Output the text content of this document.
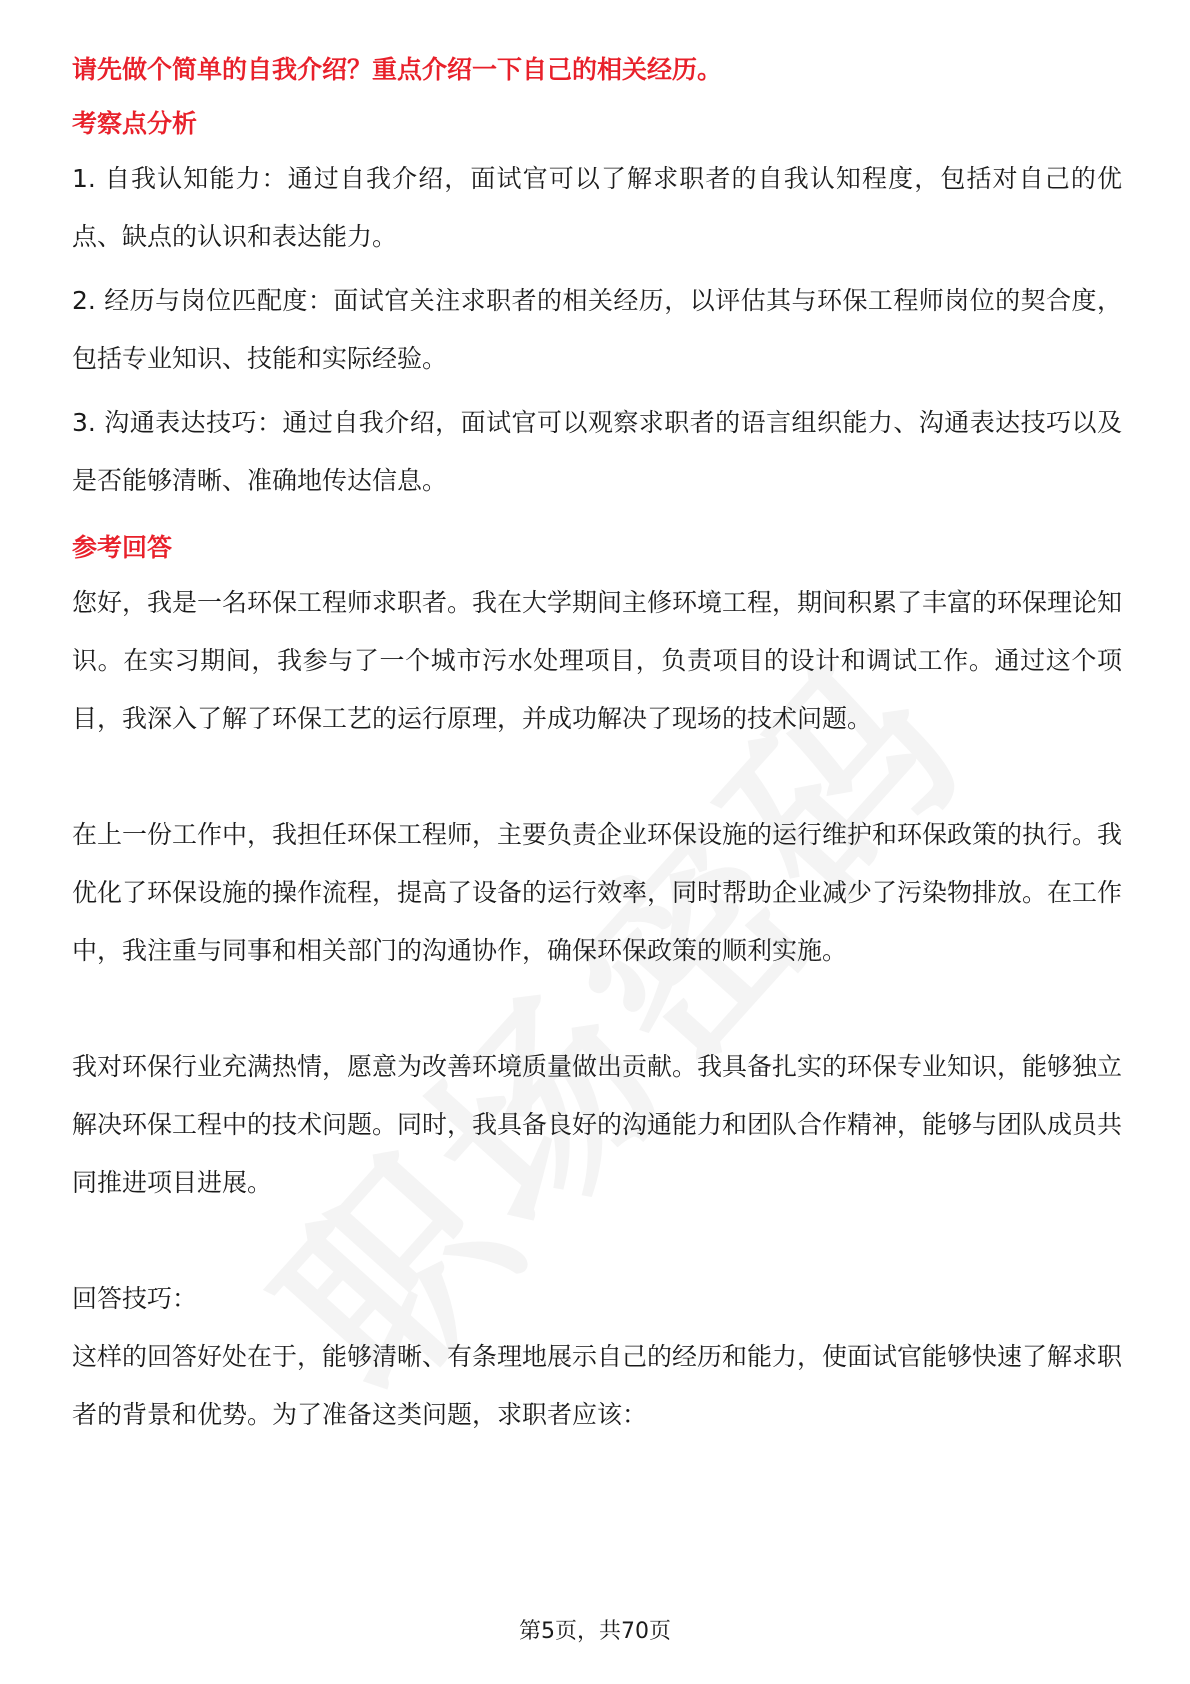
请先做个简单的自我介绍？重点介绍一下自己的相关经历。

考察点分析

1. 自我认知能力：通过自我介绍，面试官可以了解求职者的自我认知程度，包括对自己的优点、缺点的认识和表达能力。

2. 经历与岗位匹配度：面试官关注求职者的相关经历，以评估其与环保工程师岗位的契合度，包括专业知识、技能和实际经验。

3. 沟通表达技巧：通过自我介绍，面试官可以观察求职者的语言组织能力、沟通表达技巧以及是否能够清晰、准确地传达信息。

参考回答

您好，我是一名环保工程师求职者。我在大学期间主修环境工程，期间积累了丰富的环保理论知识。在实习期间，我参与了一个城市污水处理项目，负责项目的设计和调试工作。通过这个项目，我深入了解了环保工艺的运行原理，并成功解决了现场的技术问题。

在上一份工作中，我担任环保工程师，主要负责企业环保设施的运行维护和环保政策的执行。我优化了环保设施的操作流程，提高了设备的运行效率，同时帮助企业减少了污染物排放。在工作中，我注重与同事和相关部门的沟通协作，确保环保政策的顺利实施。

我对环保行业充满热情，愿意为改善环境质量做出贡献。我具备扎实的环保专业知识，能够独立解决环保工程中的技术问题。同时，我具备良好的沟通能力和团队合作精神，能够与团队成员共同推进项目进展。

回答技巧：

这样的回答好处在于，能够清晰、有条理地展示自己的经历和能力，使面试官能够快速了解求职者的背景和优势。为了准备这类问题，求职者应该：

第5页，共70页
